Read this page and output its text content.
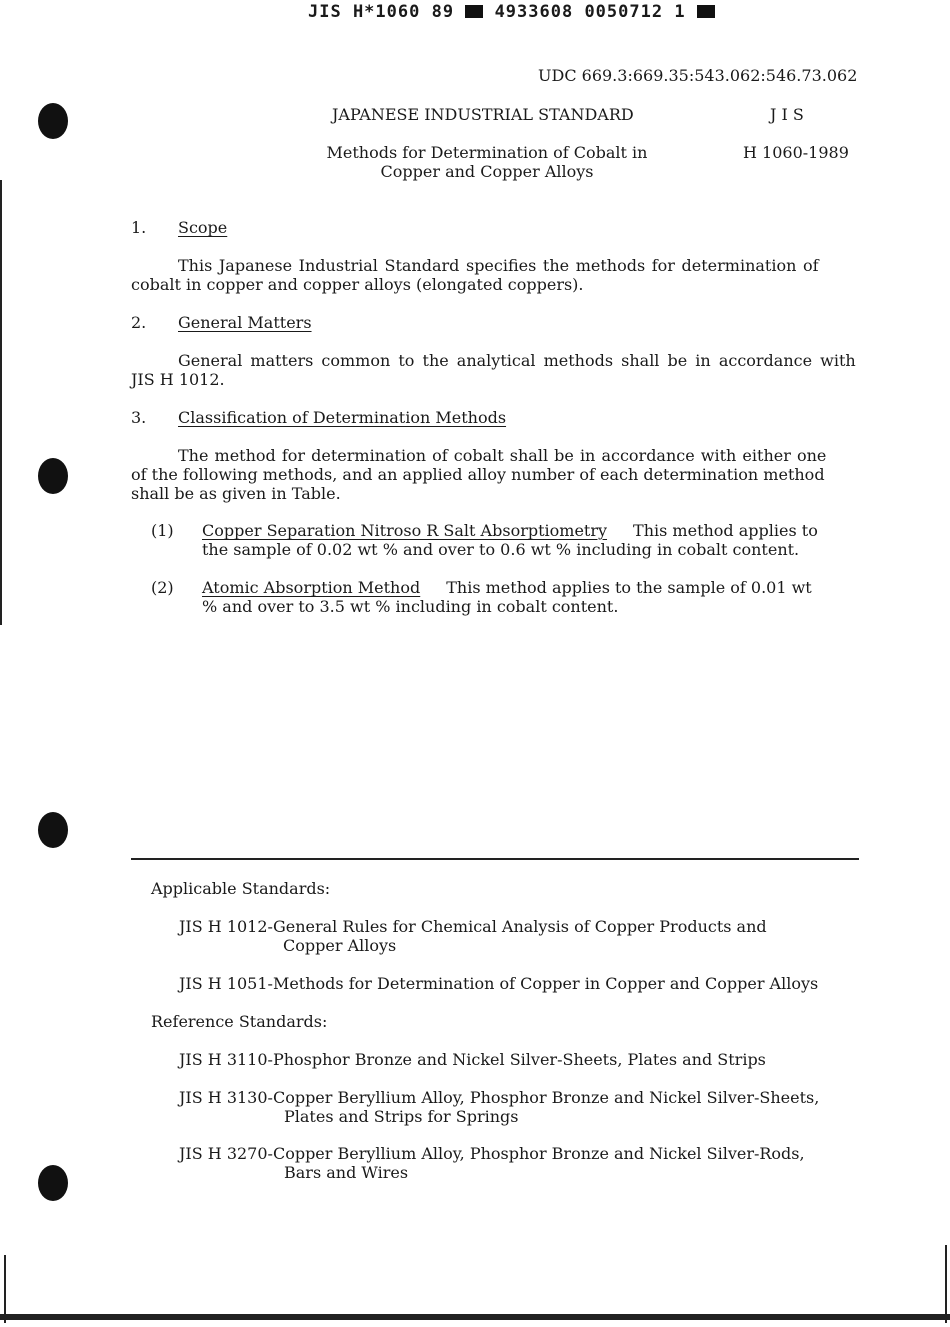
JIS H*1060 89 4933608 0050712 1
UDC 669.3:669.35:543.062:546.73.062
JAPANESE INDUSTRIAL STANDARD	J I S
Methods for Determination of Cobalt in
Copper and Copper Alloys
H 1060-1989
1. Scope
This Japanese Industrial Standard specifies the methods for determination of
cobalt in copper and copper alloys (elongated coppers).
2. General Matters
General matters common to the analytical methods shall be in accordance with
JIS H 1012.
3. Classification of Determination Methods
The method for determination of cobalt shall be in accordance with either one
of the following methods, and an applied alloy number of each determination method
shall be as given in Table.
(1) Copper Separation Nitroso R Salt Absorptiometry This method applies to
the sample of 0.02 wt % and over to 0.6 wt % including in cobalt content.
(2) Atomic Absorption Method This method applies to the sample of 0.01 wt
% and over to 3.5 wt % including in cobalt content.
Applicable Standards:
JIS H 1012-General Rules for Chemical Analysis of Copper Products and
Copper Alloys
JIS H 1051-Methods for Determination of Copper in Copper and Copper Alloys
Reference Standards:
JIS H 3110-Phosphor Bronze and Nickel Silver-Sheets, Plates and Strips
JIS H 3130-Copper Beryllium Alloy, Phosphor Bronze and Nickel Silver-Sheets,
Plates and Strips for Springs
JIS H 3270-Copper Beryllium Alloy, Phosphor Bronze and Nickel Silver-Rods,
Bars and Wires
